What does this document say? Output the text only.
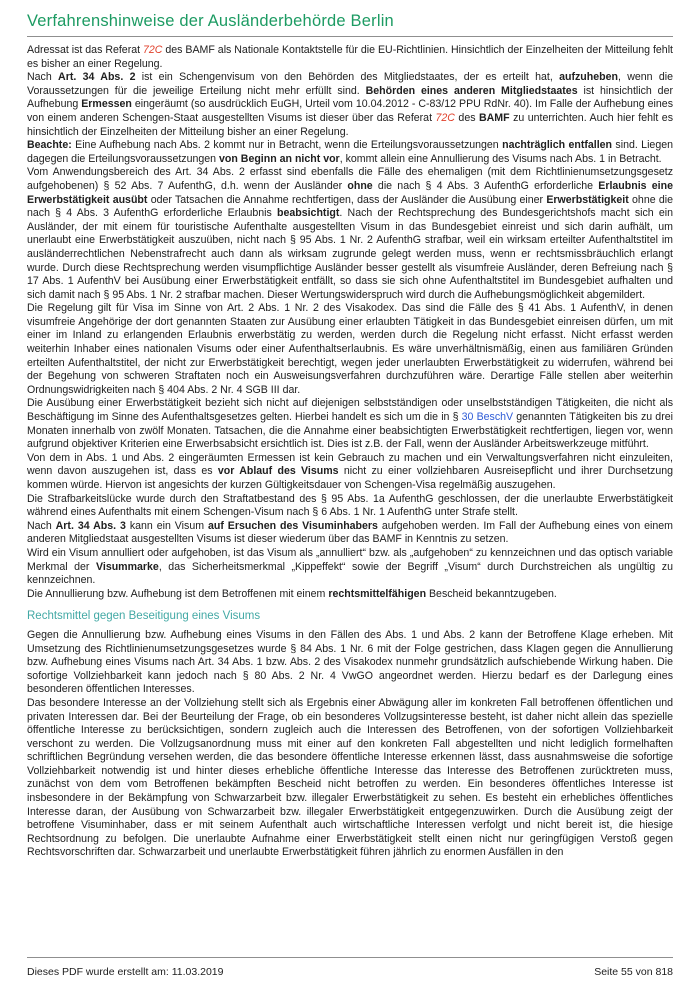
Verfahrenshinweise der Ausländerbehörde Berlin

Adressat ist das Referat 72C des BAMF als Nationale Kontaktstelle für die EU-Richtlinien. Hinsichtlich der Einzelheiten der Mitteilung fehlt es bisher an einer Regelung.

Nach Art. 34 Abs. 2 ist ein Schengenvisum von den Behörden des Mitgliedstaates, der es erteilt hat, aufzuheben, wenn die Voraussetzungen für die jeweilige Erteilung nicht mehr erfüllt sind. Behörden eines anderen Mitgliedstaates ist hinsichtlich der Aufhebung Ermessen eingeräumt (so ausdrücklich EuGH, Urteil vom 10.04.2012 - C-83/12 PPU RdNr. 40). Im Falle der Aufhebung eines von einem anderen Schengen-Staat ausgestellten Visums ist dieser über das Referat 72C des BAMF zu unterrichten. Auch hier fehlt es hinsichtlich der Einzelheiten der Mitteilung bisher an einer Regelung.

Beachte: Eine Aufhebung nach Abs. 2 kommt nur in Betracht, wenn die Erteilungsvoraussetzungen nachträglich entfallen sind. Liegen dagegen die Erteilungsvoraussetzungen von Beginn an nicht vor, kommt allein eine Annullierung des Visums nach Abs. 1 in Betracht.

Vom Anwendungsbereich des Art. 34 Abs. 2 erfasst sind ebenfalls die Fälle des ehemaligen (mit dem Richtlinienumsetzungsgesetz aufgehobenen) § 52 Abs. 7 AufenthG, d.h. wenn der Ausländer ohne die nach § 4 Abs. 3 AufenthG erforderliche Erlaubnis eine Erwerbstätigkeit ausübt oder Tatsachen die Annahme rechtfertigen, dass der Ausländer die Ausübung einer Erwerbstätigkeit ohne die nach § 4 Abs. 3 AufenthG erforderliche Erlaubnis beabsichtigt. Nach der Rechtsprechung des Bundesgerichtshofs macht sich ein Ausländer, der mit einem für touristische Aufenthalte ausgestellten Visum in das Bundesgebiet einreist und sich darin aufhält, um unerlaubt eine Erwerbstätigkeit auszuüben, nicht nach § 95 Abs. 1 Nr. 2 AufenthG strafbar, weil ein wirksam erteilter Aufenthaltstitel im ausländerrechtlichen Nebenstrafrecht auch dann als wirksam zugrunde gelegt werden muss, wenn er rechtsmissbräuchlich erlangt wurde. Durch diese Rechtsprechung werden visumpflichtige Ausländer besser gestellt als visumfreie Ausländer, deren Befreiung nach § 17 Abs. 1 AufenthV bei Ausübung einer Erwerbstätigkeit entfällt, so dass sie sich ohne Aufenthaltstitel im Bundesgebiet aufhalten und sich damit nach § 95 Abs. 1 Nr. 2 strafbar machen. Dieser Wertungswiderspruch wird durch die Aufhebungsmöglichkeit abgemildert.

Die Regelung gilt für Visa im Sinne von Art. 2 Abs. 1 Nr. 2 des Visakodex. Das sind die Fälle des § 41 Abs. 1 AufenthV, in denen visumfreie Angehörige der dort genannten Staaten zur Ausübung einer erlaubten Tätigkeit in das Bundesgebiet einreisen dürfen, um mit einer im Inland zu erlangenden Erlaubnis erwerbstätig zu werden, werden durch die Regelung nicht erfasst. Nicht erfasst werden weiterhin Inhaber eines nationalen Visums oder einer Aufenthaltserlaubnis. Es wäre unverhältnismäßig, einen aus familiären Gründen erteilten Aufenthaltstitel, der nicht zur Erwerbstätigkeit berechtigt, wegen jeder unerlaubten Erwerbstätigkeit zu widerrufen, während bei der Begehung von schweren Straftaten noch ein Ausweisungsverfahren durchzuführen wäre. Derartige Fälle stellen aber weiterhin Ordnungswidrigkeiten nach § 404 Abs. 2 Nr. 4 SGB III dar.

Die Ausübung einer Erwerbstätigkeit bezieht sich nicht auf diejenigen selbstständigen oder unselbstständigen Tätigkeiten, die nicht als Beschäftigung im Sinne des Aufenthaltsgesetzes gelten. Hierbei handelt es sich um die in § 30 BeschV genannten Tätigkeiten bis zu drei Monaten innerhalb von zwölf Monaten. Tatsachen, die die Annahme einer beabsichtigten Erwerbstätigkeit rechtfertigen, liegen vor, wenn aufgrund objektiver Kriterien eine Erwerbsabsicht ersichtlich ist. Dies ist z.B. der Fall, wenn der Ausländer Arbeitswerkzeuge mitführt.

Von dem in Abs. 1 und Abs. 2 eingeräumten Ermessen ist kein Gebrauch zu machen und ein Verwaltungsverfahren nicht einzuleiten, wenn davon auszugehen ist, dass es vor Ablauf des Visums nicht zu einer vollziehbaren Ausreisepflicht und ihrer Durchsetzung kommen würde. Hiervon ist angesichts der kurzen Gültigkeitsdauer von Schengen-Visa regelmäßig auszugehen.

Die Strafbarkeitslücke wurde durch den Straftatbestand des § 95 Abs. 1a AufenthG geschlossen, der die unerlaubte Erwerbstätigkeit während eines Aufenthalts mit einem Schengen-Visum nach § 6 Abs. 1 Nr. 1 AufenthG unter Strafe stellt.

Nach Art. 34 Abs. 3 kann ein Visum auf Ersuchen des Visuminhabers aufgehoben werden. Im Fall der Aufhebung eines von einem anderen Mitgliedstaat ausgestellten Visums ist dieser wiederum über das BAMF in Kenntnis zu setzen.

Wird ein Visum annulliert oder aufgehoben, ist das Visum als „annulliert“ bzw. als „aufgehoben“ zu kennzeichnen und das optisch variable Merkmal der Visummarke, das Sicherheitsmerkmal „Kippeffekt“ sowie der Begriff „Visum“ durch Durchstreichen als ungültig zu kennzeichnen.

Die Annullierung bzw. Aufhebung ist dem Betroffenen mit einem rechtsmittelfähigen Bescheid bekanntzugeben.

Rechtsmittel gegen Beseitigung eines Visums

Gegen die Annullierung bzw. Aufhebung eines Visums in den Fällen des Abs. 1 und Abs. 2 kann der Betroffene Klage erheben. Mit Umsetzung des Richtlinienumsetzungsgesetzes wurde § 84 Abs. 1 Nr. 6 mit der Folge gestrichen, dass Klagen gegen die Annullierung bzw. Aufhebung eines Visums nach Art. 34 Abs. 1 bzw. Abs. 2 des Visakodex nunmehr grundsätzlich aufschiebende Wirkung haben. Die sofortige Vollziehbarkeit kann jedoch nach § 80 Abs. 2 Nr. 4 VwGO angeordnet werden. Hierzu bedarf es der Darlegung eines besonderen öffentlichen Interesses.

Das besondere Interesse an der Vollziehung stellt sich als Ergebnis einer Abwägung aller im konkreten Fall betroffenen öffentlichen und privaten Interessen dar. Bei der Beurteilung der Frage, ob ein besonderes Vollzugsinteresse besteht, ist daher nicht allein das spezielle öffentliche Interesse zu berücksichtigen, sondern zugleich auch die Interessen des Betroffenen, von der sofortigen Vollziehbarkeit verschont zu werden. Die Vollzugsanordnung muss mit einer auf den konkreten Fall abgestellten und nicht lediglich formelhaften schriftlichen Begründung versehen werden, die das besondere öffentliche Interesse erkennen lässt, dass ausnahmsweise die sofortige Vollziehbarkeit notwendig ist und hinter dieses erhebliche öffentliche Interesse das Interesse des Betroffenen zurücktreten muss, zunächst von dem vom Betroffenen bekämpften Bescheid nicht betroffen zu werden. Ein besonderes öffentliches Interesse ist insbesondere in der Bekämpfung von Schwarzarbeit bzw. illegaler Erwerbstätigkeit zu sehen. Es besteht ein erhebliches öffentliches Interesse daran, der Ausübung von Schwarzarbeit bzw. illegaler Erwerbstätigkeit entgegenzuwirken. Durch die Ausübung zeigt der betroffene Visuminhaber, dass er mit seinem Aufenthalt auch wirtschaftliche Interessen verfolgt und nicht bereit ist, die hiesige Rechtsordnung zu befolgen. Die unerlaubte Aufnahme einer Erwerbstätigkeit stellt einen nicht nur geringfügigen Verstoß gegen Rechtsvorschriften dar. Schwarzarbeit und unerlaubte Erwerbstätigkeit führen jährlich zu enormen Ausfällen in den

Dieses PDF wurde erstellt am: 11.03.2019	Seite 55 von 818
